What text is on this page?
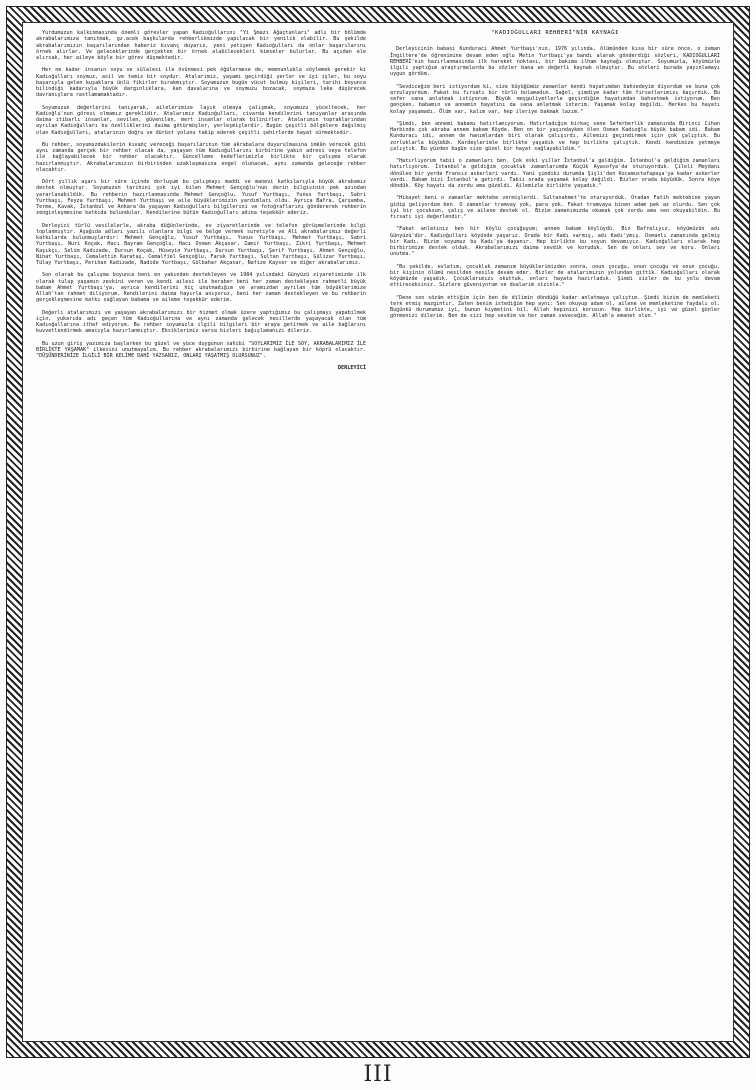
Yurdumuzun kalkınmasında önemli görevler yapan Kadıoğullarını "Yi Şmazı Ağaçtanları" adlı bir bölümde akrabalarımıza tanıtmak, gz.acek başkılarda rehberlikmizde yapılacak bir yenilik olabilir. Bu şekilde akrabalarımızın başarılarından haberiz kıvanç duyarız, yeni yetişen Kadıoğulları da onlar başarılarını örnek alırlar. Ve geleceklerinde gerçekten bir örnek alabilecekleri kimseler bulurlar. Bu açıdan ele alırsak, her aileye böyle bir görev düşmektedir.

Her ne kadar insanın soyu ve sülalesi ile övünmesi pek öğülermese de, memnunlukla söylemek gerekir ki Kadıoğulları soymuz, asil ve temiz bir soydur. Atalarımız, yaşamı geçirdiği yerler ve iyi işler, bu soyu başarıyla gelen kuşaklara ünlü fikirler bırakmıştır. Soyumuzun bugün vücut bulmuş kişileri, tarihi boyunca bilindiği kadarıyla büyük dargınlıklara, kan davalarına ve soymuzu bozacak, soymuza leke düşürecek davranışlara rastlamamaktadır.

Soyumuzun değerlerini tanıyarak, ailelerimize layık olmaya çalışmak, soyumuzu yüceltecek, her Kadıoğlu'nun görevi olmamız gereklidir. Atalarımız Kadıoğulları, civarda kendilerini tanıyanlar arasında daima itibarlı insanlar, sevilen, güvenilen, mert insanlar olarak bilinirler. Atalarımın topraklarından ayrılan Kadıoğulları bu özelliklerini daima götürmüşler, yerleşmişlerdir. Bugün çeşitli bölgelere dağılmış olan Kadıoğulları, atalarının doğru ve dürüst yolunu takip ederek çeşitli şehirlerde hayat sürmektedir.

Bu rehber, soyumuzdakilerin kıvanç vereceği başarılarının tüm akrabalara duyurulmasına imkân verecek gibi aynı zamanda gerçek bir rehber olacak da, yaşayan tüm Kadıoğullarını birbirine yakın adresi veya telefon ile bağlayabilecek bir rehber olacaktır. Güncelleme hedeflerimizle birlikte bir çalışma olarak hazırlanmıştır. Akrabalarımızın birbirinden uzaklaşmasına engel olunacak, aynı zamanda geleceğe rehber olacaktır.

Dört yıllık aşarı bir süre içinde dorluşum bu çalışmayı maddi ve manevi katkılarıyla büyük akrabamız destek olmuştur. Soyumuzun tarihini çok iyi bilen Mehmet Gençoğlu'nun derin bilgisinin pek azından yararlanabildik. Bu rehberin hazırlanmasında Mehmet Gençoğlu, Yusuf Yurtbaşı, Yunus Yurtbaşı, Sabri Yurtbaşı, Feyza Yurtbaşı, Mehmet Yurtbaşı ve aile büyüklerimizin yardımları oldu. Ayrıca Bafra, Çarşamba, Terme, Kavak, İstanbul ve Ankara'da yaşayan Kadıoğulları bilgilerini ve fotoğraflarını göndererek rehberin zenginleşmesine katkıda bulundular. Kendilerine bütün Kadıoğulları adına teşekkür ederiz.

Derleyici türlü vesilelerle, akraba düğünlerinde, ev ziyaretlerinde ve telefon görüşmelerinde bilgi toplanmıştır. Aşağıda adları yazılı olanlara bilgi ve belge vermek suretiyle ve Ali akrabalarımız değerli katkılarda bulunmuşlardır: Mehmet Gençoğlu, Yusuf Yurtbaşı, Yunus Yurtbaşı, Mehmet Yurtbaşı, Sabri Yurtbaşı, Nuri Koçak, Hacı Bayram Gençoğlu, Hacı Osman Akçasar, Zamir Yurtbaşı, Zikri Yurtbaşı, Mehmet Kaşıkçı, Selim Kadızade, Dursun Koçak, Hüseyin Yurtbaşı, Dursun Yurtbaşı, Şerif Yurtbaşı, Ahmet Gençoğlu, Nihat Yurtbaşı, Cemalettin Karataş, Cemalfiel Gençoğlu, Faruk Yurtbaşı, Sultan Yurtbaşı, Gülizar Yurtbaşı, Tülay Yurtbaşı, Perihan Kadızade, Nadide Yurtbaşı, Gülbahar Akçasar, Nafize Kayser ve diğer akrabalarımız.

Son olarak bu çalışma boyunca beni en yakından destekleyen ve 1984 yılındaki Günyüzü ziyaretimizde ilk olarak tulup yaşamın zevkini veren ve kendi ailesi ile beraber beni her zaman destekleyen rahmetli büyük babam Ahmet Yurtbaşı'ya, ayrıca kendilerini hiç unutmadığım ve aramızdan ayrılan tüm büyüklerimize Allah'tan rahmet diliyorum. Kendilerini daima hayırla anıyoruz, beni her zaman destekleyen ve bu rehberin gerçekleşmesine katkı sağlayan babama ve aileme teşekkür ederim.

Değerli atalarımızı ve yaşayan akrabalarımızı bir hizmet olmak üzere yaptığımız bu çalışmayı yapabilmek için, yukarıda adı geçen tüm Kadıoğullarına ve aynı zamanda gelecek nesillerde yaşayacak olan tüm Kadıoğullarına ithaf ediyorum. Bu rehber soyumuzla ilgili bilgileri bir araya getirmek ve aile bağlarını kuvvetlendirmek amacıyla hazırlanmıştır. Eksiklerimiz varsa bizleri bağışlamanızı dileriz.

Bu uzun giriş yazımıza başlarken bu güzel ve yüce duygunun sahibi "SOYLARIMIZ İLE SOY, AKRABALARIMIZ İLE BİRLİKTE YAŞAMAK" ilkesini unutmayalım. Bu rehber akrabalarımızı birbirine bağlayan bir köprü olacaktır. "DÜŞÜNDERİNİZE İLGİLİ BİR KELİME DAHİ YAZSANIZ, ONLARI YAŞATMIŞ OLURSUNUZ".

DERLEYİCİ
"KADIOĞULLARI REHBERİ"NİN KAYNAĞI

Derleyicinin babası Kunduracı Ahmet Yurtbaşı'nın, 1976 yılında, ölümünden kısa bir süre önce, o zaman İngiltere'de öğrenimine devam eden oğlu Metin Yurtbaşı'ya bandı alarak gönderdiği sözleri, KADIOĞULLARI REHBERİ'nin hazırlanmasında ilk hareket noktası, bir bakıma ilham kaynağı olmuştur. Soyumuzla, köyümüzle ilgili yaptığım araştırmalarda bu sözler bana en değerli kaynak olmuştur. Bu sözleri burada yayınlamayı uygun gördüm.

"Sevdiceğim beri istiyordum ki, size büyüğümüz zamanlar kendi hayatımdan bahsedeyim diyordum ve buna çok arzuluyordum. Fakat bu fırsatı bir türlü bulamadım. Sağol, şimdiye kadar tüm fırsatlarımızı kaçırdık. Bu sefer sana anlatmak istiyorum. Büyük meşguliyetlerle geçirdiğim hayatımdan bahsetmek istiyorum. Ben gençken, babamın ve annemin hayatını da sana anlatmak isterim. Yaşamak kolay değildi. Herkes bu hayatı kolay yaşamadı. Ölüm var, kalım var, hep ileriye bakmak lazım."

"Şimdi, ben annemi babamı hatırlamıyorum. Hatırladığım birkaç sene Seferberlik zamanında Birinci Cihan Harbinde çok akraba annem babam Köyde. Ben on bir yaşındayken ölen Osman Kadıoğlu büyük babam idi. Babam Kunduracı idi, annem de hanımlardan biri olarak çalışırdı. Ailemizi geçindirmek için çok çalıştık. Bu zorluklarla büyüdük. Kardeşlerimle birlikte yaşadık ve hep birlikte çalıştık. Kendi kendimize yetmeye çalıştık. Bu yüzden bugün size güzel bir hayat sağlayabildim."

"Hatırlıyorum tabii o zamanları ben. Çok eski yıllar İstanbul'a geldiğim. İstanbul'a geldiğim zamanları hatırlıyorum. İstanbul'a geldiğim çocukluk zamanlarımda Küçük Ayasofya'da oturuyorduk. Çileli Meydanı dönülen bir yerde Fransız askerleri vardı. Yani şimdiki durumda Şişli'den Kocamustafapaşa'ya kadar askerler vardı. Babam bizi İstanbul'a getirdi. Tabii orada yaşamak kolay değildi. Bizler orada büyüdük. Sonra köye döndük. Köy hayatı da zordu ama güzeldi. Ailemizle birlikte yaşadık."

"Hikayet beni o zamanlar mektebe vermişlerdi. Sultanahmet'te oturuyorduk. Oradan Fatih mektebine yayan gidip geliyordum ben. O zamanlar tramvay yok, para yok. Fakat tramvaya binen adam pek az olurdu. Sen çok iyi bir çocuksun, çalış ve ailene destek ol. Bizim zamanımızda okumak çok zordu ama sen okuyabildin. Bu fırsatı iyi değerlendir."

"Fakat anlatınız ben bir köylü çocuğuyum; annem babam köylüydü. Biz Bafralıyız, köyümüzün adı Günyüzü'dür. Kadıoğulları köyünde yaşarız. Orada bir Kadı varmış, adı Kadı'ymış. Osmanlı zamanında gelmiş bir Kadı. Bizim soyumuz bu Kadı'ya dayanır. Hep birlikte bu soyun devamıyız. Kadıoğulları olarak hep birbirimize destek olduk. Akrabalarımızı daima sevdik ve koruduk. Sen de onları sev ve koru. Onları unutma."

"Bu şekilde, evlatım, çocukluk zamanım büyüklerimizden sonra, onun çocuğu, onun çocuğu ve onun çocuğu, bir kişinin ölümü nesilden nesile devam eder. Bizler de atalarımızın yolundan gittik. Kadıoğulları olarak köyümüzde yaşadık. Çocuklarımızı okuttuk, onları hayata hazırladık. Şimdi sizler de bu yolu devam ettireceksiniz. Sizlere güveniyorum ve dualarım sizinle."

"Dene son sözüm ettiğim için ben de dilimin döndüğü kadar anlatmaya çalıştım. Şimdi bizim de memleketi terk etmiş mazgıntır. Zaten benim istediğim hep aynı: Sen okuyup adam ol, ailene ve memleketine faydalı ol. Bugünkü durumumuz iyi, bunun kıymetini bil. Allah hepinizi korusun. Hep birlikte, iyi ve güzel günler görmenizi dilerim. Ben de sizi hep sevdim ve her zaman seveceğim. Allah'a emanet olun."

III
